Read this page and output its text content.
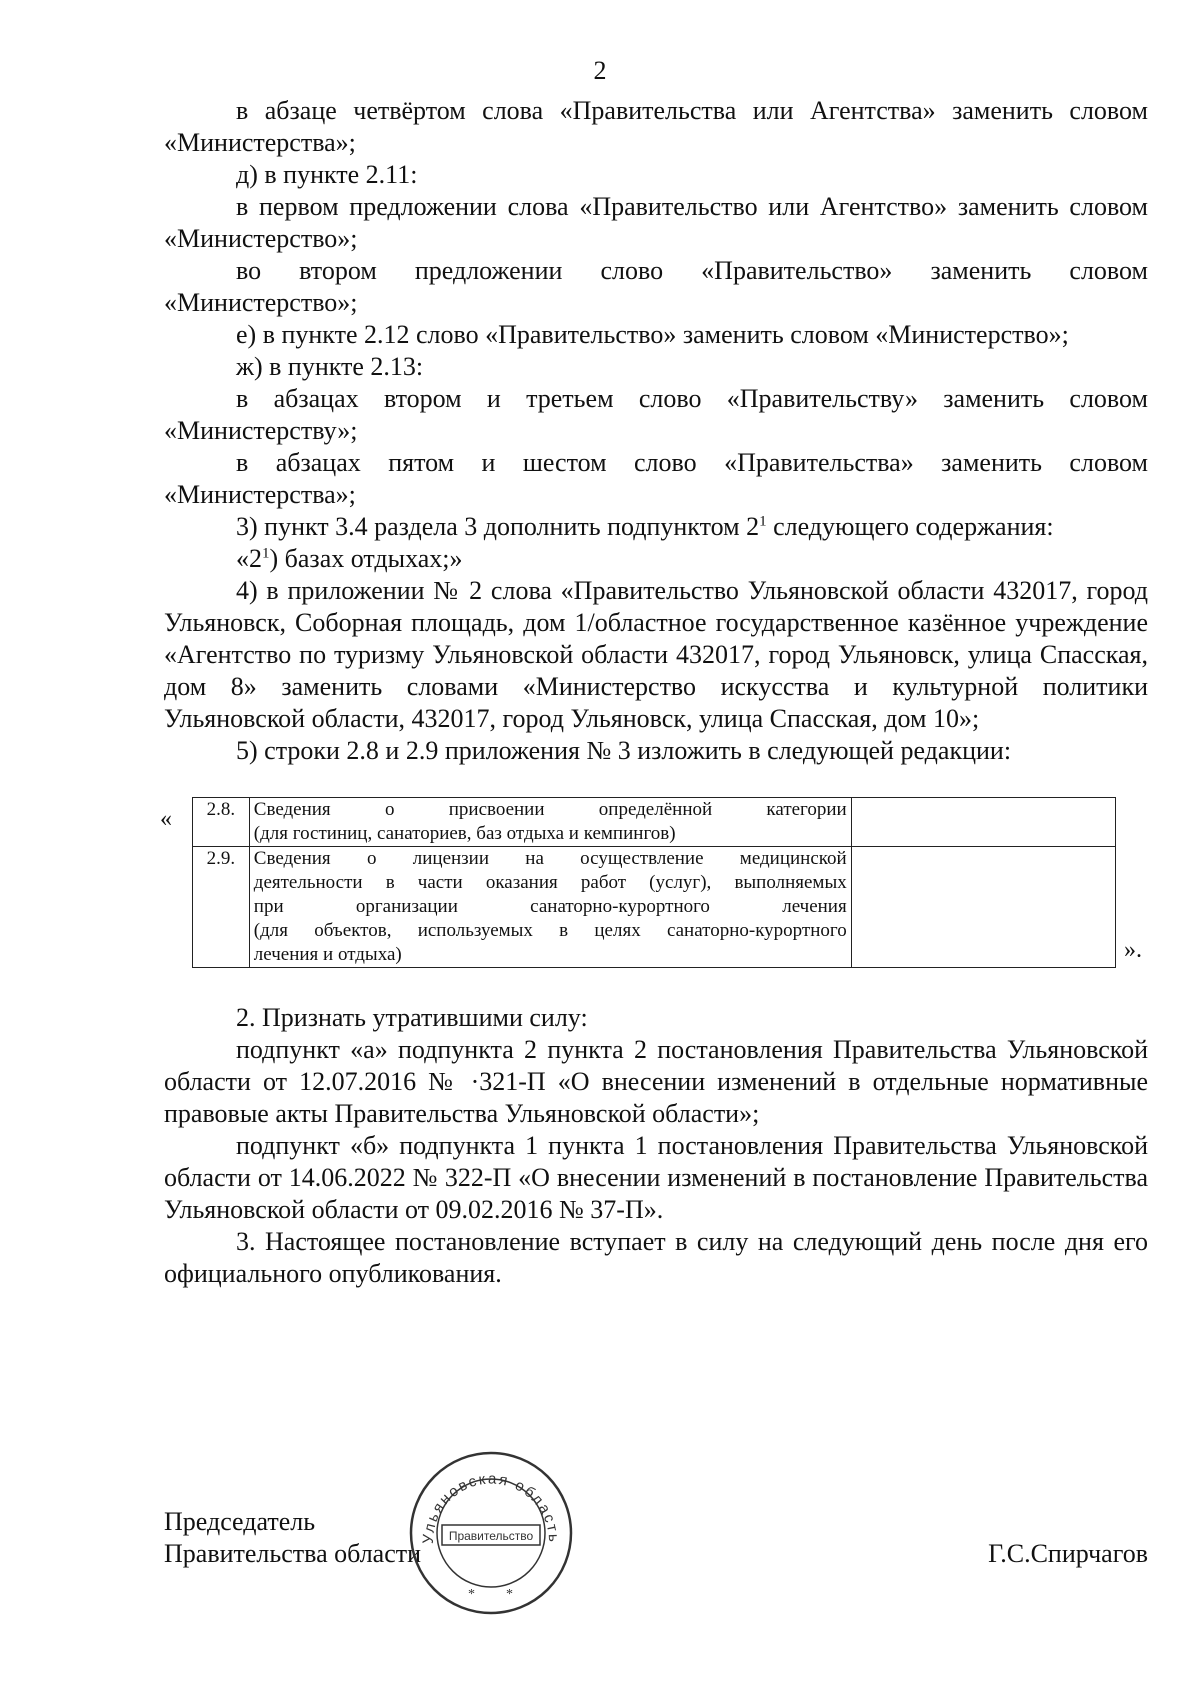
2

в абзаце четвёртом слова «Правительства или Агентства» заменить словом «Министерства»;

д) в пункте 2.11:

в первом предложении слова «Правительство или Агентство» заменить словом «Министерство»;

во втором предложении слово «Правительство» заменить словом «Министерство»;

е) в пункте 2.12 слово «Правительство» заменить словом «Министерство»;

ж) в пункте 2.13:

в абзацах втором и третьем слово «Правительству» заменить словом «Министерству»;

в абзацах пятом и шестом слово «Правительства» заменить словом «Министерства»;

3) пункт 3.4 раздела 3 дополнить подпунктом $2^1$ следующего содержания:

«$2^1$) базах отдыхах;»

4) в приложении № 2 слова «Правительство Ульяновской области 432017, город Ульяновск, Соборная площадь, дом 1/областное государственное казённое учреждение «Агентство по туризму Ульяновской области 432017, город Ульяновск, улица Спасская, дом 8» заменить словами «Министерство искусства и культурной политики Ульяновской области, 432017, город Ульяновск, улица Спасская, дом 10»;

5) строки 2.8 и 2.9 приложения № 3 изложить в следующей редакции:

« 2.8.	Сведения о присвоении определённой категории
(для гостиниц, санаториев, баз отдыха и кемпингов)	

2.9.	Сведения о лицензии на осуществление медицинской
деятельности в части оказания работ (услуг), выполняемых
при организации санаторно-курортного лечения
(для объектов, используемых в целях санаторно-курортного
лечения и отдыха)	
		».

2. Признать утратившими силу:

подпункт «а» подпункта 2 пункта 2 постановления Правительства Ульяновской области от 12.07.2016 № ·321-П «О внесении изменений в отдельные нормативные правовые акты Правительства Ульяновской области»;

подпункт «б» подпункта 1 пункта 1 постановления Правительства Ульяновской области от 14.06.2022 № 322-П «О внесении изменений в постановление Правительства Ульяновской области от 09.02.2016 № 37-П».

3. Настоящее постановление вступает в силу на следующий день после дня его официального опубликования.

Председатель
Правительства области	Г.С.Спирчагов
Ульяновская область
Правительство
* *
